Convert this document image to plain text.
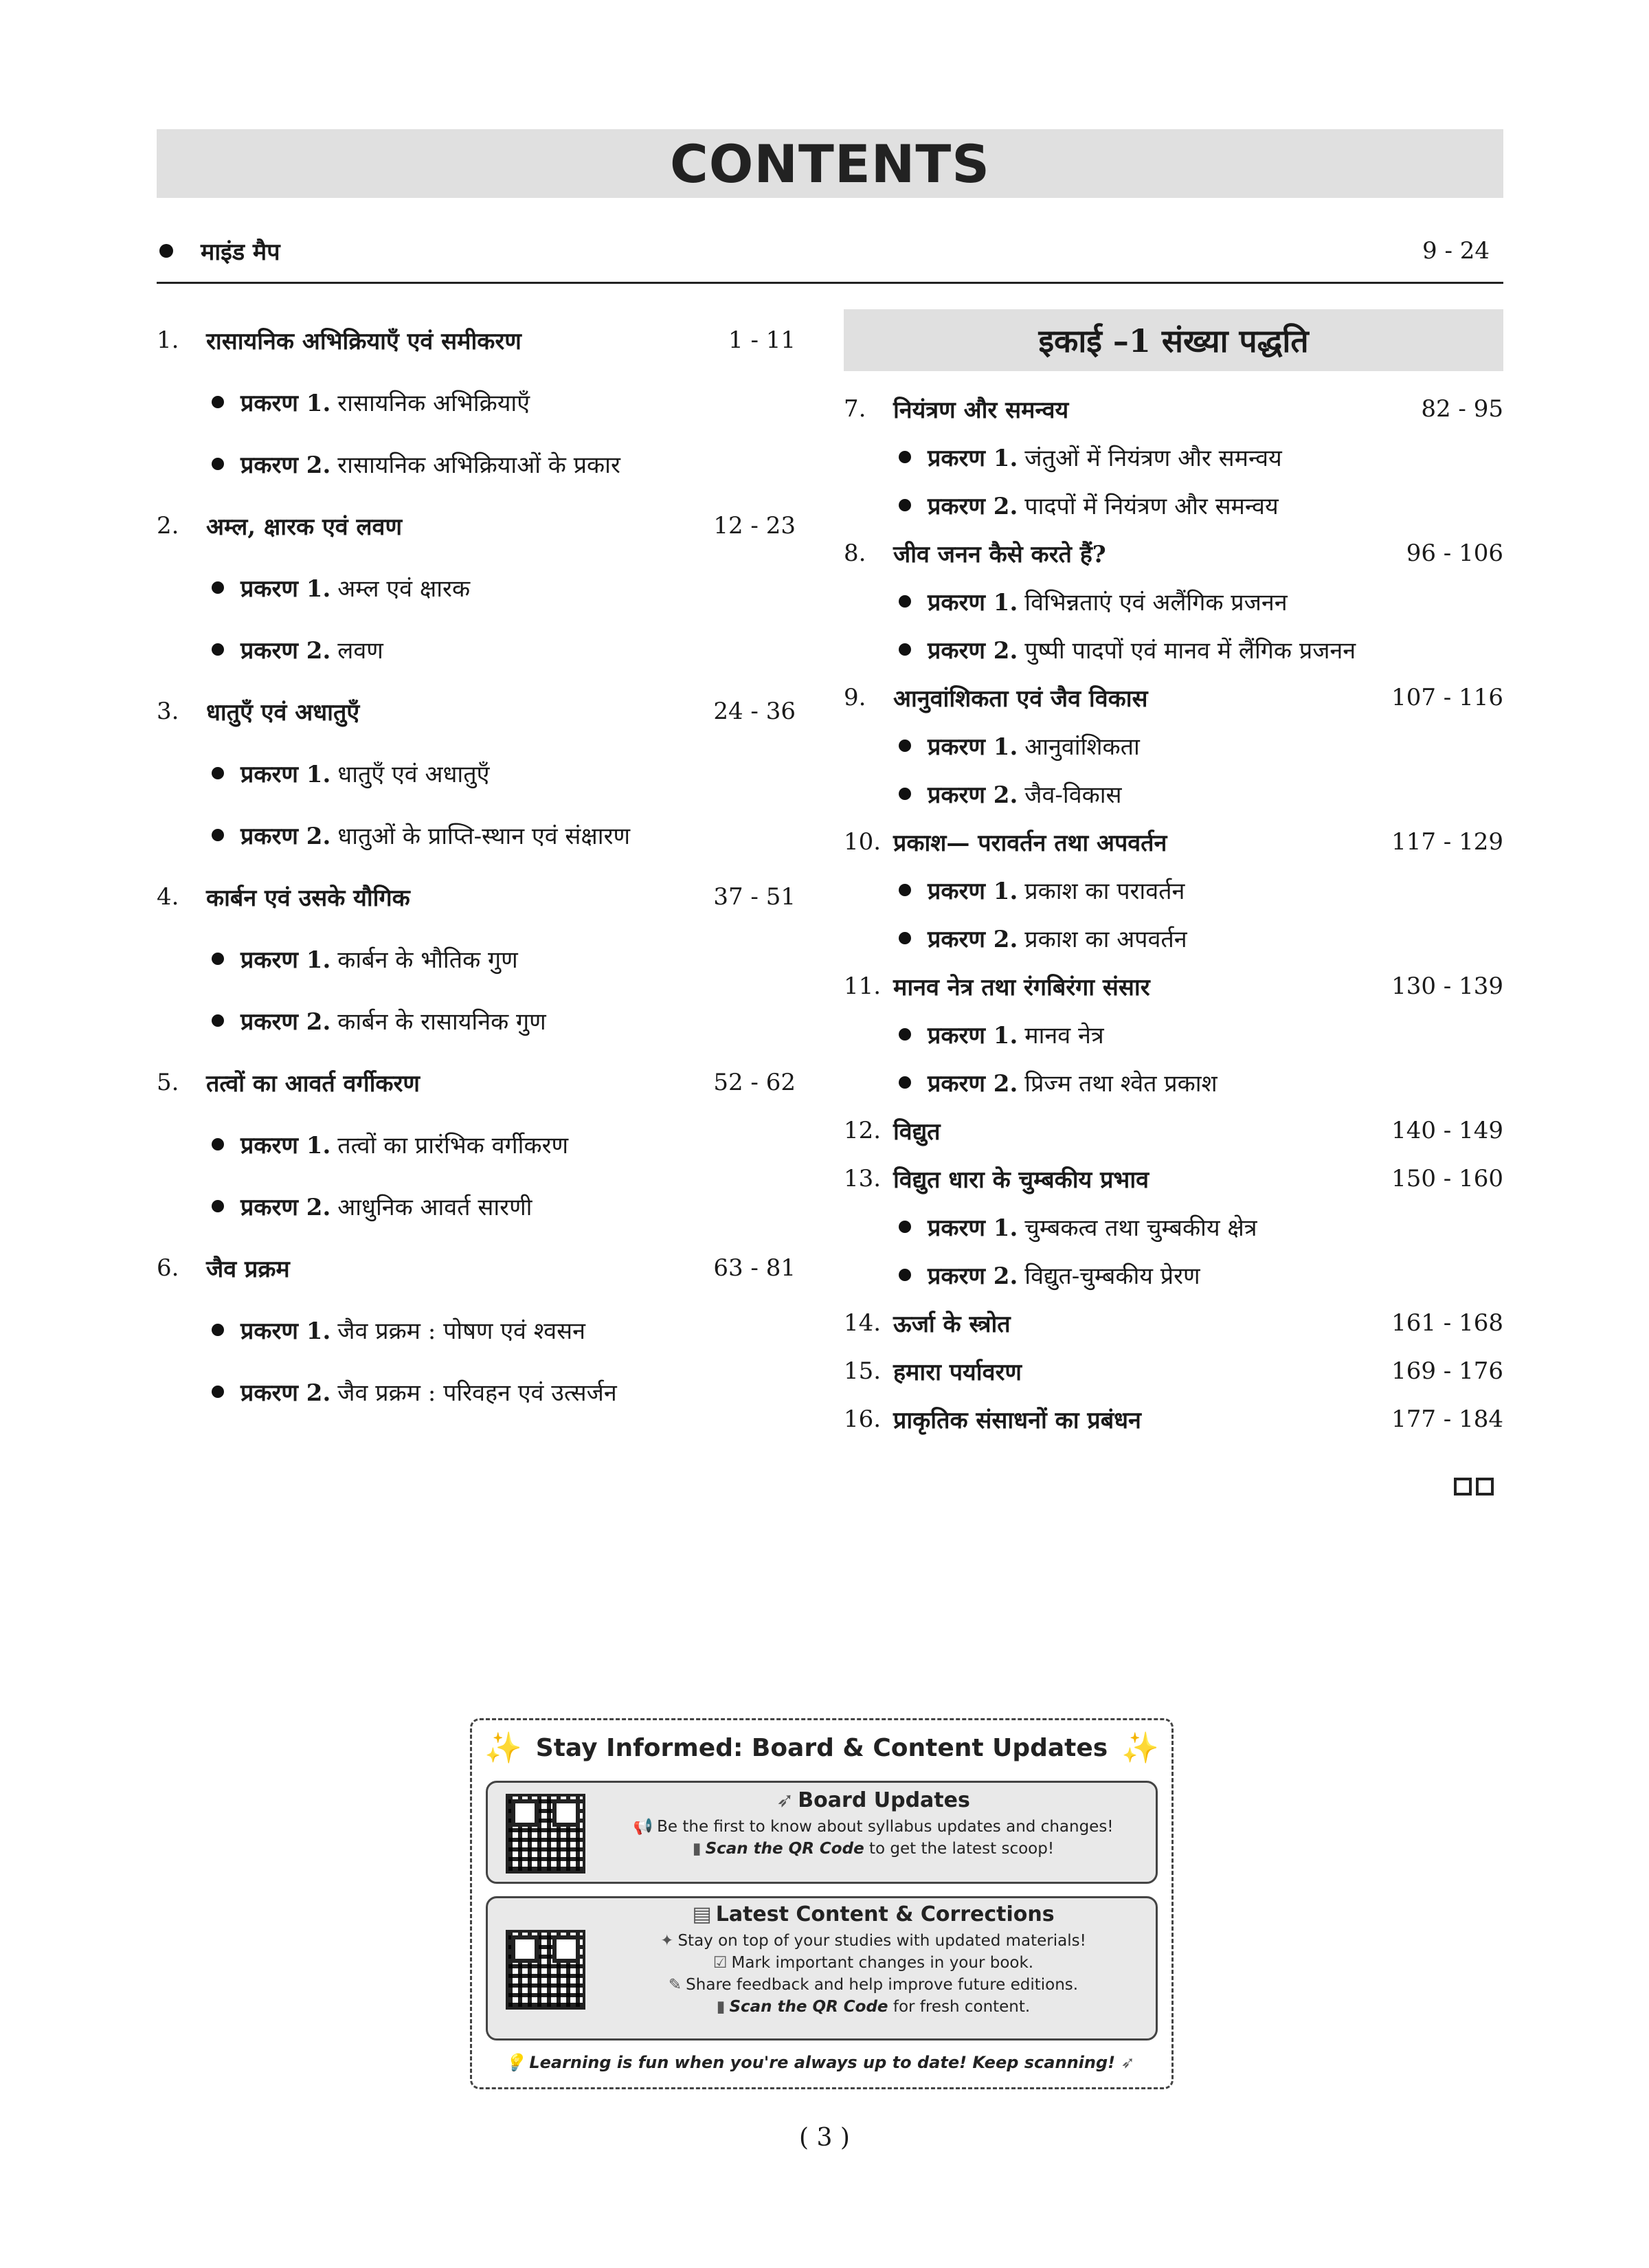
CONTENTS
माइंड मैप	9 - 24
1.	रासायनिक अभिक्रियाएँ एवं समीकरण	1 - 11
प्रकरण 1. रासायनिक अभिक्रियाएँ
प्रकरण 2. रासायनिक अभिक्रियाओं के प्रकार
2.	अम्ल, क्षारक एवं लवण	12 - 23
प्रकरण 1. अम्ल एवं क्षारक
प्रकरण 2. लवण
3.	धातुएँ एवं अधातुएँ	24 - 36
प्रकरण 1. धातुएँ एवं अधातुएँ
प्रकरण 2. धातुओं के प्राप्ति-स्थान एवं संक्षारण
4.	कार्बन एवं उसके यौगिक	37 - 51
प्रकरण 1. कार्बन के भौतिक गुण
प्रकरण 2. कार्बन के रासायनिक गुण
5.	तत्वों का आवर्त वर्गीकरण	52 - 62
प्रकरण 1. तत्वों का प्रारंभिक वर्गीकरण
प्रकरण 2. आधुनिक आवर्त सारणी
6.	जैव प्रक्रम	63 - 81
प्रकरण 1. जैव प्रक्रम : पोषण एवं श्वसन
प्रकरण 2. जैव प्रक्रम : परिवहन एवं उत्सर्जन
इकाई –1 संख्या पद्धति
7.	नियंत्रण और समन्वय	82 - 95
प्रकरण 1. जंतुओं में नियंत्रण और समन्वय
प्रकरण 2. पादपों में नियंत्रण और समन्वय
8.	जीव जनन कैसे करते हैं?	96 - 106
प्रकरण 1. विभिन्नताएं एवं अलैंगिक प्रजनन
प्रकरण 2. पुष्पी पादपों एवं मानव में लैंगिक प्रजनन
9.	आनुवांशिकता एवं जैव विकास	107 - 116
प्रकरण 1. आनुवांशिकता
प्रकरण 2. जैव-विकास
10. प्रकाश— परावर्तन तथा अपवर्तन	117 - 129
प्रकरण 1. प्रकाश का परावर्तन
प्रकरण 2. प्रकाश का अपवर्तन
11. मानव नेत्र तथा रंगबिरंगा संसार	130 - 139
प्रकरण 1. मानव नेत्र
प्रकरण 2. प्रिज्म तथा श्वेत प्रकाश
12. विद्युत	140 - 149
13. विद्युत धारा के चुम्बकीय प्रभाव	150 - 160
प्रकरण 1. चुम्बकत्व तथा चुम्बकीय क्षेत्र
प्रकरण 2. विद्युत-चुम्बकीय प्रेरण
14. ऊर्जा के स्त्रोत	161 - 168
15. हमारा पर्यावरण	169 - 176
16. प्राकृतिक संसाधनों का प्रबंधन	177 - 184
✨ Stay Informed: Board & Content Updates ✨
➶ Board Updates
📢 Be the first to know about syllabus updates and changes!
▮ Scan the QR Code to get the latest scoop!
▤ Latest Content & Corrections
✦ Stay on top of your studies with updated materials!
☑ Mark important changes in your book.
✎ Share feedback and help improve future editions.
▮ Scan the QR Code for fresh content.
💡 Learning is fun when you're always up to date! Keep scanning! ➶
( 3 )
